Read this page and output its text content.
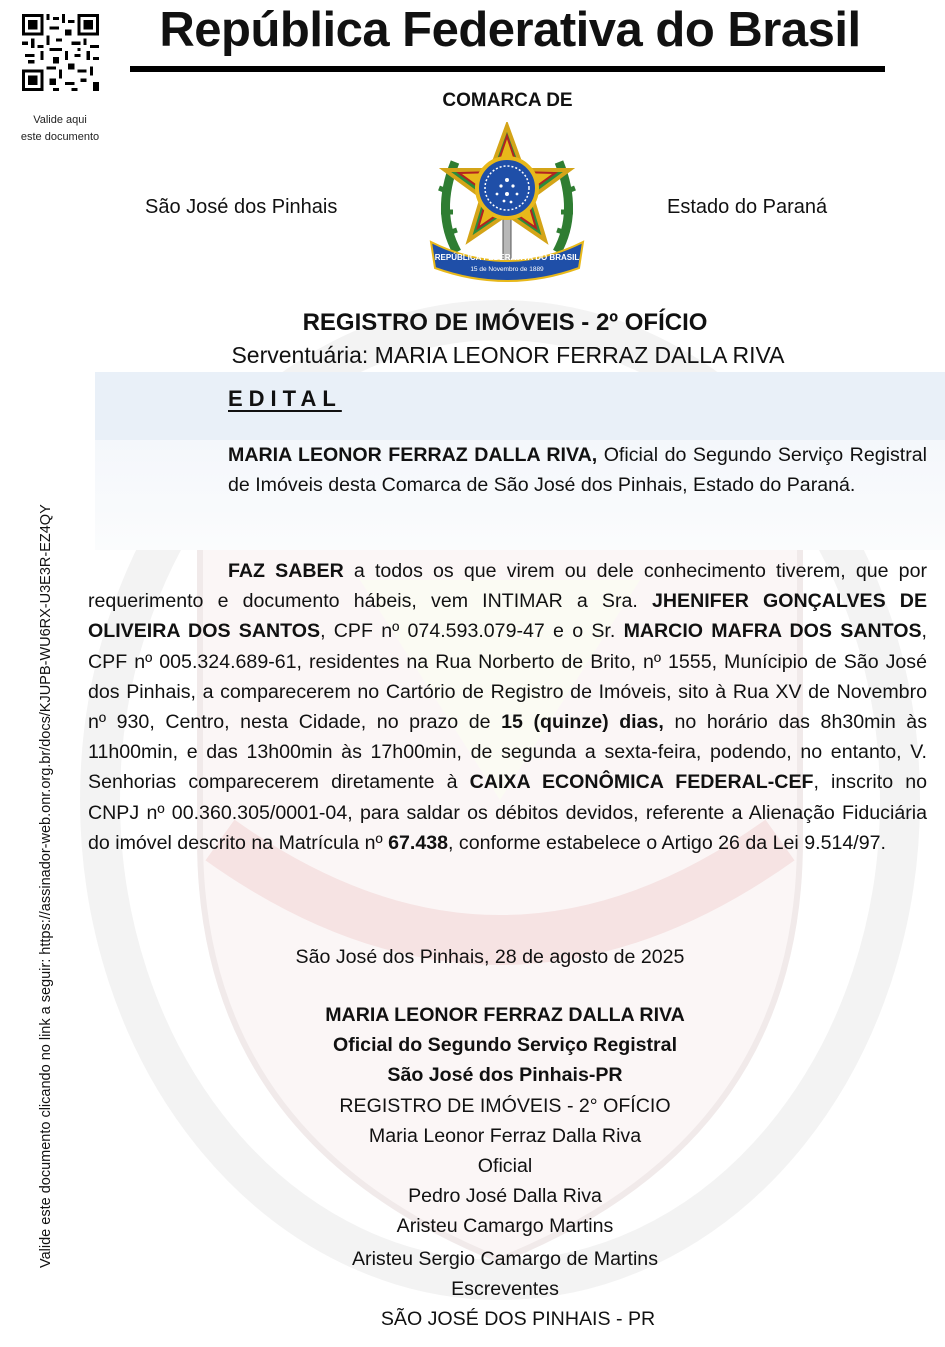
Valide aqui
este documento
Valide este documento clicando no link a seguir: https://assinador-web.onr.org.br/docs/KJUPB-WU6RX-U3E3R-EZ4QY
República Federativa do Brasil
COMARCA DE
São José dos Pinhais	Estado do Paraná
REPÚBLICA FEDERATIVA DO BRASIL
15 de Novembro de 1889
REGISTRO DE IMÓVEIS - 2º OFÍCIO
Serventuária: MARIA LEONOR FERRAZ DALLA RIVA
EDITAL
MARIA LEONOR FERRAZ DALLA RIVA, Oficial do Segundo Serviço Registral de Imóveis desta Comarca de São José dos Pinhais, Estado do Paraná.
FAZ SABER a todos os que virem ou dele conhecimento tiverem, que por requerimento e documento hábeis, vem INTIMAR a Sra. JHENIFER GONÇALVES DE OLIVEIRA DOS SANTOS, CPF nº 074.593.079-47 e o Sr. MARCIO MAFRA DOS SANTOS, CPF nº 005.324.689-61, residentes na Rua Norberto de Brito, nº 1555, Munícipio de São José dos Pinhais, a comparecerem no Cartório de Registro de Imóveis, sito à Rua XV de Novembro nº 930, Centro, nesta Cidade, no prazo de 15 (quinze) dias, no horário das 8h30min às 11h00min, e das 13h00min às 17h00min, de segunda a sexta-feira, podendo, no entanto, V. Senhorias comparecerem diretamente à CAIXA ECONÔMICA FEDERAL-CEF, inscrito no CNPJ nº 00.360.305/0001-04, para saldar os débitos devidos, referente a Alienação Fiduciária do imóvel descrito na Matrícula nº 67.438, conforme estabelece o Artigo 26 da Lei 9.514/97.
São José dos Pinhais, 28 de agosto de 2025
MARIA LEONOR FERRAZ DALLA RIVA
Oficial do Segundo Serviço Registral
São José dos Pinhais-PR
REGISTRO DE IMÓVEIS - 2° OFÍCIO
Maria Leonor Ferraz Dalla Riva
Oficial
Pedro José Dalla Riva
Aristeu Camargo Martins
Aristeu Sergio Camargo de Martins
Escreventes
SÃO JOSÉ DOS PINHAIS - PR
